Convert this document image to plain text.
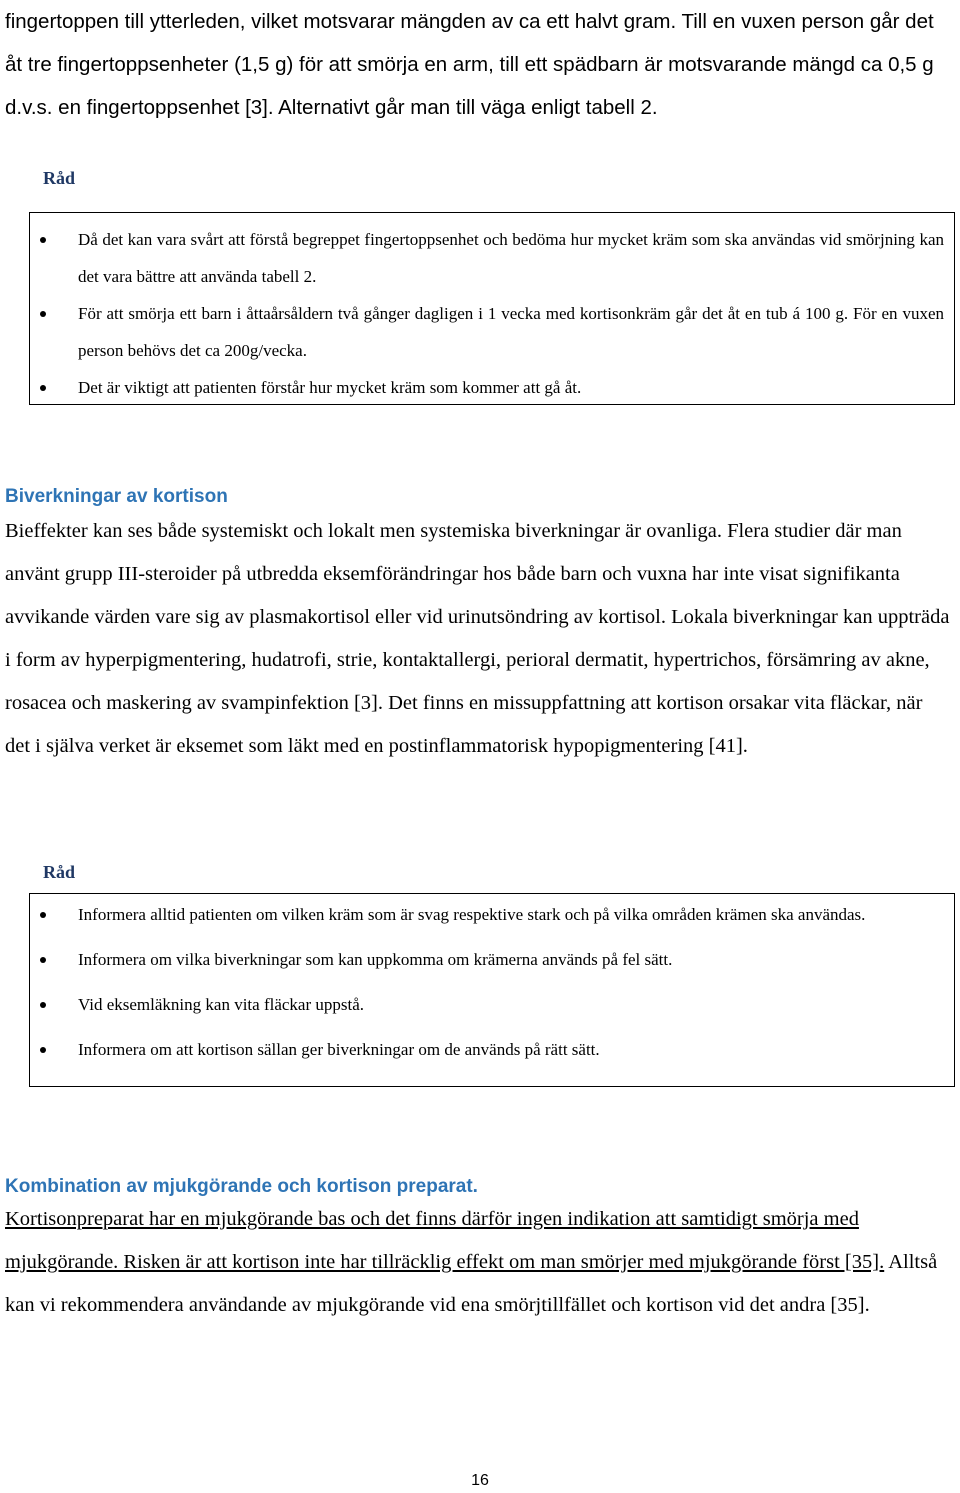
fingertoppen till ytterleden, vilket motsvarar mängden av ca ett halvt gram. Till en vuxen person går det åt tre fingertoppsenheter (1,5 g) för att smörja en arm, till ett spädbarn är motsvarande mängd ca 0,5 g d.v.s. en fingertoppsenhet [3]. Alternativt går man till väga enligt tabell 2.

Råd
Då det kan vara svårt att förstå begreppet fingertoppsenhet och bedöma hur mycket kräm som ska användas vid smörjning kan det vara bättre att använda tabell 2.
För att smörja ett barn i åttaårsåldern två gånger dagligen i 1 vecka med kortisonkräm går det åt en tub á 100 g. För en vuxen person behövs det ca 200g/vecka.
Det är viktigt att patienten förstår hur mycket kräm som kommer att gå åt.
Biverkningar av kortison

Bieffekter kan ses både systemiskt och lokalt men systemiska biverkningar är ovanliga. Flera studier där man använt grupp III-steroider på utbredda eksemförändringar hos både barn och vuxna har inte visat signifikanta avvikande värden vare sig av plasmakortisol eller vid urinutsöndring av kortisol. Lokala biverkningar kan uppträda i form av hyperpigmentering, hudatrofi, strie, kontaktallergi, perioral dermatit, hypertrichos, försämring av akne, rosacea och maskering av svampinfektion [3]. Det finns en missuppfattning att kortison orsakar vita fläckar, när det i själva verket är eksemet som läkt med en postinflammatorisk hypopigmentering [41].

Råd
Informera alltid patienten om vilken kräm som är svag respektive stark och på vilka områden krämen ska användas.
Informera om vilka biverkningar som kan uppkomma om krämerna används på fel sätt.
Vid eksemläkning kan vita fläckar uppstå.
Informera om att kortison sällan ger biverkningar om de används på rätt sätt.
Kombination av mjukgörande och kortison preparat.

Kortisonpreparat har en mjukgörande bas och det finns därför ingen indikation att samtidigt smörja med mjukgörande. Risken är att kortison inte har tillräcklig effekt om man smörjer med mjukgörande först [35]. Alltså kan vi rekommendera användande av mjukgörande vid ena smörjtillfället och kortison vid det andra [35].

16
